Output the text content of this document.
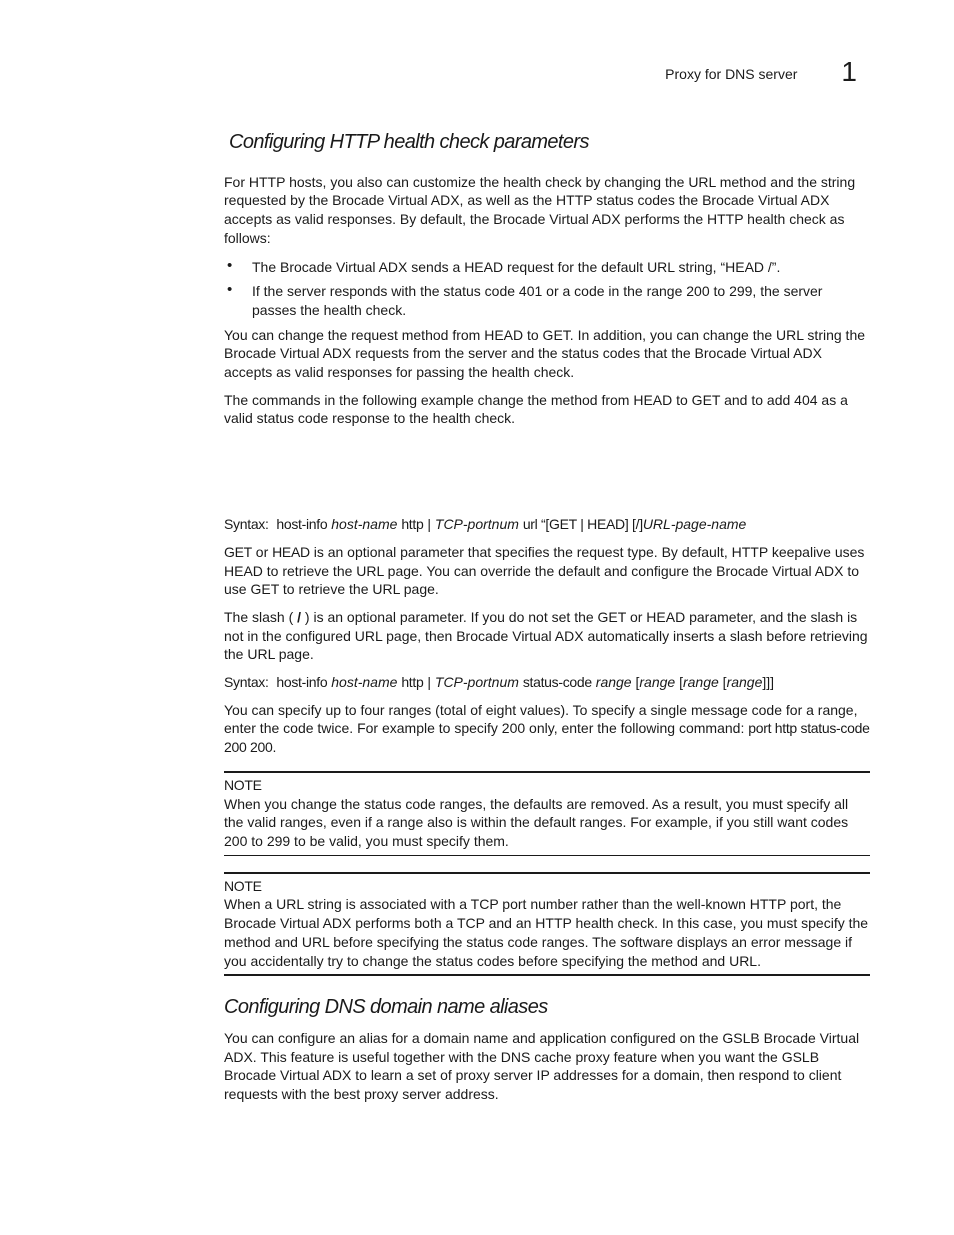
Proxy for DNS server 1
Configuring HTTP health check parameters

For HTTP hosts, you also can customize the health check by changing the URL method and the string requested by the Brocade Virtual ADX, as well as the HTTP status codes the Brocade Virtual ADX accepts as valid responses. By default, the Brocade Virtual ADX performs the HTTP health check as follows:

• The Brocade Virtual ADX sends a HEAD request for the default URL string, “HEAD /”.
• If the server responds with the status code 401 or a code in the range 200 to 299, the server passes the health check.

You can change the request method from HEAD to GET. In addition, you can change the URL string the Brocade Virtual ADX requests from the server and the status codes that the Brocade Virtual ADX accepts as valid responses for passing the health check.

The commands in the following example change the method from HEAD to GET and to add 404 as a valid status code response to the health check.

Syntax: host-info host-name http | TCP-portnum url “[GET | HEAD] [/]URL-page-name

GET or HEAD is an optional parameter that specifies the request type. By default, HTTP keepalive uses HEAD to retrieve the URL page. You can override the default and configure the Brocade Virtual ADX to use GET to retrieve the URL page.

The slash ( / ) is an optional parameter. If you do not set the GET or HEAD parameter, and the slash is not in the configured URL page, then Brocade Virtual ADX automatically inserts a slash before retrieving the URL page.

Syntax: host-info host-name http | TCP-portnum status-code range [range [range [range]]]

You can specify up to four ranges (total of eight values). To specify a single message code for a range, enter the code twice. For example to specify 200 only, enter the following command: port http status-code 200 200.

NOTE
When you change the status code ranges, the defaults are removed. As a result, you must specify all the valid ranges, even if a range also is within the default ranges. For example, if you still want codes 200 to 299 to be valid, you must specify them.
NOTE
When a URL string is associated with a TCP port number rather than the well-known HTTP port, the Brocade Virtual ADX performs both a TCP and an HTTP health check. In this case, you must specify the method and URL before specifying the status code ranges. The software displays an error message if you accidentally try to change the status codes before specifying the method and URL.
Configuring DNS domain name aliases

You can configure an alias for a domain name and application configured on the GSLB Brocade Virtual ADX. This feature is useful together with the DNS cache proxy feature when you want the GSLB Brocade Virtual ADX to learn a set of proxy server IP addresses for a domain, then respond to client requests with the best proxy server address.
